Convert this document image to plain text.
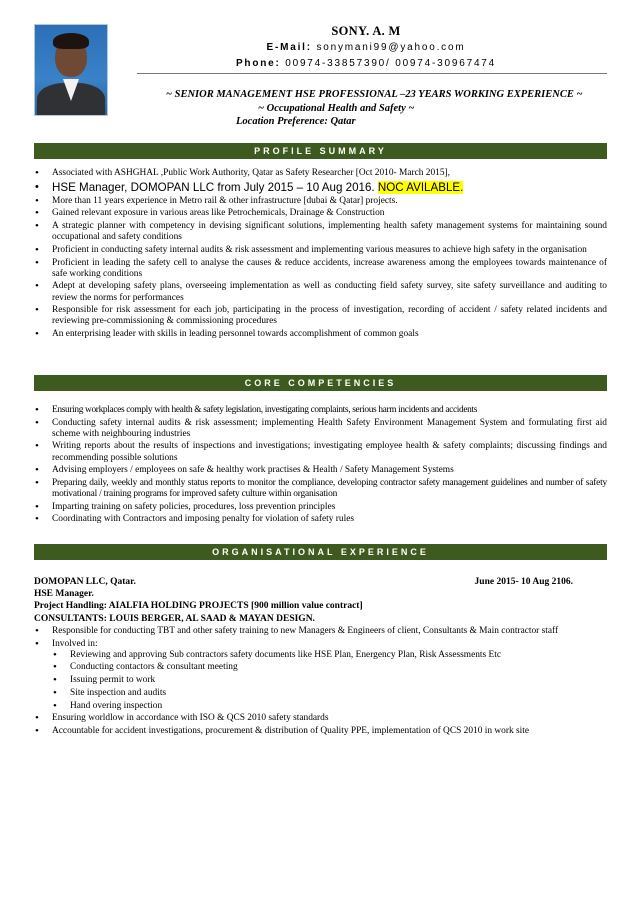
SONY. A. M
E-Mail: sonymani99@yahoo.com
Phone: 00974-33857390/ 00974-30967474
~ SENIOR MANAGEMENT HSE PROFESSIONAL –23 YEARS WORKING EXPERIENCE ~
~ Occupational Health and Safety ~
Location Preference: Qatar
PROFILE SUMMARY
• Associated with ASHGHAL ,Public Work Authority, Qatar as Safety Researcher [Oct 2010- March 2015],
• HSE Manager, DOMOPAN LLC from July 2015 – 10 Aug 2016. NOC AVILABLE.
• More than 11 years experience in Metro rail & other infrastructure [dubai & Qatar] projects.
• Gained relevant exposure in various areas like Petrochemicals, Drainage & Construction
• A strategic planner with competency in devising significant solutions, implementing health safety management systems for maintaining sound occupational and safety conditions
• Proficient in conducting safety internal audits & risk assessment and implementing various measures to achieve high safety in the organisation
• Proficient in leading the safety cell to analyse the causes & reduce accidents, increase awareness among the employees towards maintenance of safe working conditions
• Adept at developing safety plans, overseeing implementation as well as conducting field safety survey, site safety surveillance and auditing to review the norms for performances
• Responsible for risk assessment for each job, participating in the process of investigation, recording of accident / safety related incidents and reviewing pre-commissioning & commissioning procedures
• An enterprising leader with skills in leading personnel towards accomplishment of common goals
CORE COMPETENCIES
• Ensuring workplaces comply with health & safety legislation, investigating complaints, serious harm incidents and accidents
• Conducting safety internal audits & risk assessment; implementing Health Safety Environment Management System and formulating first aid scheme with neighbouring industries
• Writing reports about the results of inspections and investigations; investigating employee health & safety complaints; discussing findings and recommending possible solutions
• Advising employers / employees on safe & healthy work practises & Health / Safety Management Systems
• Preparing daily, weekly and monthly status reports to monitor the compliance, developing contractor safety management guidelines and number of safety motivational / training programs for improved safety culture within organisation
• Imparting training on safety policies, procedures, loss prevention principles
• Coordinating with Contractors and imposing penalty for violation of safety rules
ORGANISATIONAL EXPERIENCE
DOMOPAN LLC, Qatar.	June 2015- 10 Aug 2106.
HSE Manager.
Project Handling: AIALFIA HOLDING PROJECTS [900 million value contract]
CONSULTANTS: LOUIS BERGER, AL SAAD & MAYAN DESIGN.
• Responsible for conducting TBT and other safety training to new Managers & Engineers of client, Consultants & Main contractor staff
• Involved in:
• Reviewing and approving Sub contractors safety documents like HSE Plan, Energency Plan, Risk Assessments Etc
• Conducting contactors & consultant meeting
• Issuing permit to work
• Site inspection and audits
• Hand overing inspection
• Ensuring worldlow in accordance with ISO & QCS 2010 safety standards
• Accountable for accident investigations, procurement & distribution of Quality PPE, implementation of QCS 2010 in work site
